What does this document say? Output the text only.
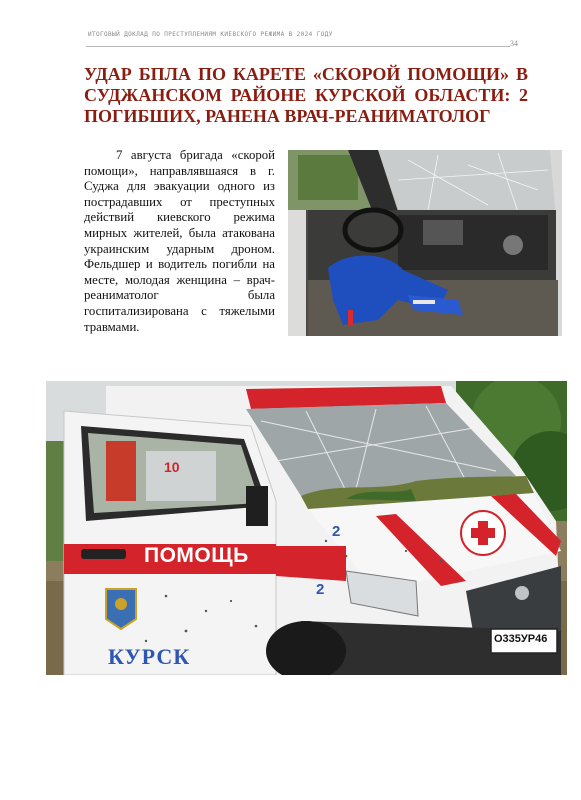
ИТОГОВЫЙ ДОКЛАД ПО ПРЕСТУПЛЕНИЯМ КИЕВСКОГО РЕЖИМА В 2024 ГОДУ
34
УДАР БПЛА ПО КАРЕТЕ «СКОРОЙ ПОМОЩИ» В СУДЖАНСКОМ РАЙОНЕ КУРСКОЙ ОБЛАСТИ: 2 ПОГИБШИХ, РАНЕНА ВРАЧ-РЕАНИМАТОЛОГ

7 августа бригада «скорой помощи», направлявшаяся в г. Суджа для эвакуации одного из пострадавших от преступных действий киевского режима мирных жителей, была атакована украинским ударным дроном. Фельдшер и водитель погибли на месте, молодая женщина – врач-реаниматолог была госпитализирована с тяжелыми травмами.

ПОМОЩЬ
КУРСК
2
2
10
О335УР46
